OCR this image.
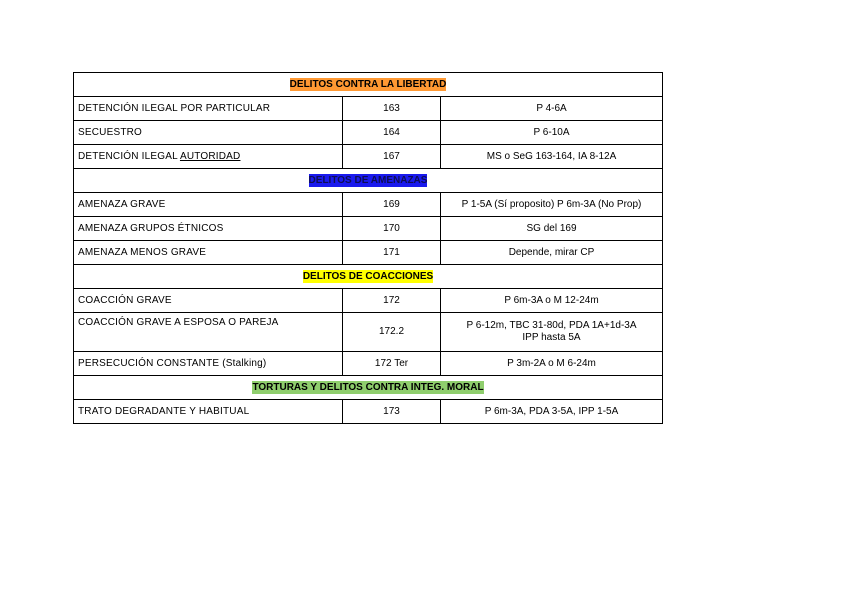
DELITOS CONTRA LA LIBERTAD		
DETENCIÓN ILEGAL POR PARTICULAR	163	P 4-6A
SECUESTRO	164	P 6-10A
DETENCIÓN ILEGAL AUTORIDAD	167	MS o SeG 163-164, IA 8-12A
DELITOS DE AMENAZAS		
AMENAZA GRAVE	169	P 1-5A (Sí proposito) P 6m-3A (No Prop)
AMENAZA GRUPOS ÉTNICOS	170	SG del 169
AMENAZA MENOS GRAVE	171	Depende, mirar CP
DELITOS DE COACCIONES		
COACCIÓN GRAVE	172	P 6m-3A o M 12-24m
COACCIÓN GRAVE A ESPOSA O PAREJA	172.2	P 6-12m, TBC 31-80d, PDA 1A+1d-3A
IPP hasta 5A

PERSECUCIÓN CONSTANTE (Stalking)	172 Ter	P 3m-2A o M 6-24m
TORTURAS Y DELITOS CONTRA INTEG. MORAL		
TRATO DEGRADANTE Y HABITUAL	173	P 6m-3A, PDA 3-5A, IPP 1-5A
